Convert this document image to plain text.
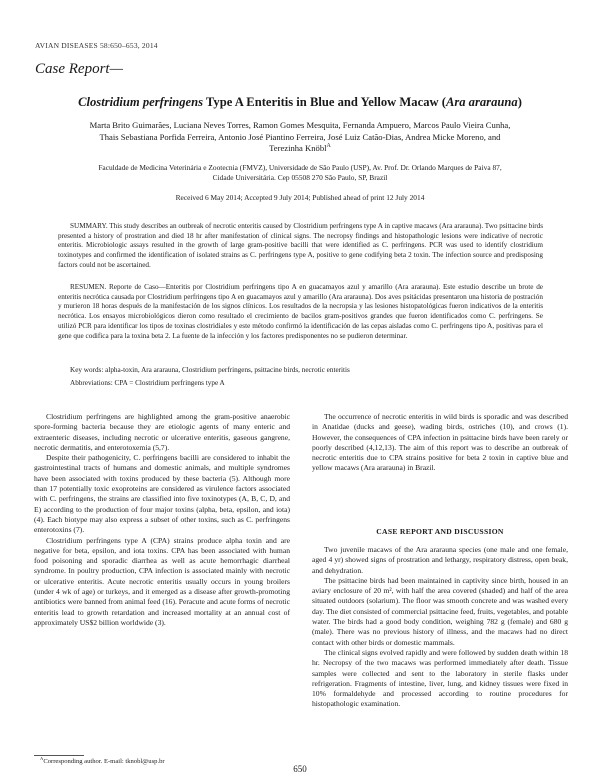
AVIAN DISEASES 58:650–653, 2014
Case Report—
Clostridium perfringens Type A Enteritis in Blue and Yellow Macaw (Ara ararauna)
Marta Brito Guimarães, Luciana Neves Torres, Ramon Gomes Mesquita, Fernanda Ampuero, Marcos Paulo Vieira Cunha,
Thais Sebastiana Porfida Ferreira, Antonio José Piantino Ferreira, José Luiz Catão-Dias, Andrea Micke Moreno, and
Terezinha Knöbl$^A$
Faculdade de Medicina Veterinária e Zootecnia (FMVZ), Universidade de São Paulo (USP), Av. Prof. Dr. Orlando Marques de Paiva 87,
Cidade Universitária. Cep 05508 270 São Paulo, SP, Brazil
Received 6 May 2014; Accepted 9 July 2014; Published ahead of print 12 July 2014
SUMMARY. This study describes an outbreak of necrotic enteritis caused by Clostridium perfringens type A in captive macaws (Ara ararauna). Two psittacine birds presented a history of prostration and died 18 hr after manifestation of clinical signs. The necropsy findings and histopathologic lesions were indicative of necrotic enteritis. Microbiologic assays resulted in the growth of large gram-positive bacilli that were identified as C. perfringens. PCR was used to identify clostridium toxinotypes and confirmed the identification of isolated strains as C. perfringens type A, positive to gene codifying beta 2 toxin. The infection source and predisposing factors could not be ascertained.
RESUMEN. Reporte de Caso—Enteritis por Clostridium perfringens tipo A en guacamayos azul y amarillo (Ara ararauna). Este estudio describe un brote de enteritis necrótica causada por Clostridium perfringens tipo A en guacamayos azul y amarillo (Ara ararauna). Dos aves psitácidas presentaron una historia de postración y murieron 18 horas después de la manifestación de los signos clínicos. Los resultados de la necropsia y las lesiones histopatológicas fueron indicativos de la enteritis necrótica. Los ensayos microbiológicos dieron como resultado el crecimiento de bacilos gram-positivos grandes que fueron identificados como C. perfringens. Se utilizó PCR para identificar los tipos de toxinas clostridiales y este método confirmó la identificación de las cepas aisladas como C. perfringens tipo A, positivas para el gene que codifica para la toxina beta 2. La fuente de la infección y los factores predisponentes no se pudieron determinar.
Key words: alpha-toxin, Ara ararauna, Clostridium perfringens, psittacine birds, necrotic enteritis
Abbreviations: CPA = Clostridium perfringens type A

Clostridium perfringens are highlighted among the gram-positive anaerobic spore-forming bacteria because they are etiologic agents of many enteric and extraenteric diseases, including necrotic or ulcerative enteritis, gaseous gangrene, necrotic dermatitis, and enterotoxemia (5,7).

Despite their pathogenicity, C. perfringens bacilli are considered to inhabit the gastrointestinal tracts of humans and domestic animals, and multiple syndromes have been associated with toxins produced by these bacteria (5). Although more than 17 potentially toxic exoproteins are considered as virulence factors associated with C. perfringens, the strains are classified into five toxinotypes (A, B, C, D, and E) according to the production of four major toxins (alpha, beta, epsilon, and iota) (4). Each biotype may also express a subset of other toxins, such as C. perfringens enterotoxins (7).

Clostridium perfringens type A (CPA) strains produce alpha toxin and are negative for beta, epsilon, and iota toxins. CPA has been associated with human food poisoning and sporadic diarrhea as well as acute hemorrhagic diarrheal syndrome. In poultry production, CPA infection is associated mainly with necrotic or ulcerative enteritis. Acute necrotic enteritis usually occurs in young broilers (under 4 wk of age) or turkeys, and it emerged as a disease after growth-promoting antibiotics were banned from animal feed (16). Peracute and acute forms of necrotic enteritis lead to growth retardation and increased mortality at an annual cost of approximately US$2 billion worldwide (3).

The occurrence of necrotic enteritis in wild birds is sporadic and was described in Anatidae (ducks and geese), wading birds, ostriches (10), and crows (1). However, the consequences of CPA infection in psittacine birds have been rarely or poorly described (4,12,13). The aim of this report was to describe an outbreak of necrotic enteritis due to CPA strains positive for beta 2 toxin in captive blue and yellow macaws (Ara ararauna) in Brazil.

CASE REPORT AND DISCUSSION

Two juvenile macaws of the Ara ararauna species (one male and one female, aged 4 yr) showed signs of prostration and lethargy, respiratory distress, open beak, and dehydration.

The psittacine birds had been maintained in captivity since birth, housed in an aviary enclosure of 20 m², with half the area covered (shaded) and half of the area situated outdoors (solarium). The floor was smooth concrete and was washed every day. The diet consisted of commercial psittacine feed, fruits, vegetables, and potable water. The birds had a good body condition, weighing 782 g (female) and 680 g (male). There was no previous history of illness, and the macaws had no direct contact with other birds or domestic mammals.

The clinical signs evolved rapidly and were followed by sudden death within 18 hr. Necropsy of the two macaws was performed immediately after death. Tissue samples were collected and sent to the laboratory in sterile flasks under refrigeration. Fragments of intestine, liver, lung, and kidney tissues were fixed in 10% formaldehyde and processed according to routine procedures for histopathologic examination.

$^A$Corresponding author. E-mail: tknobl@usp.br
650
